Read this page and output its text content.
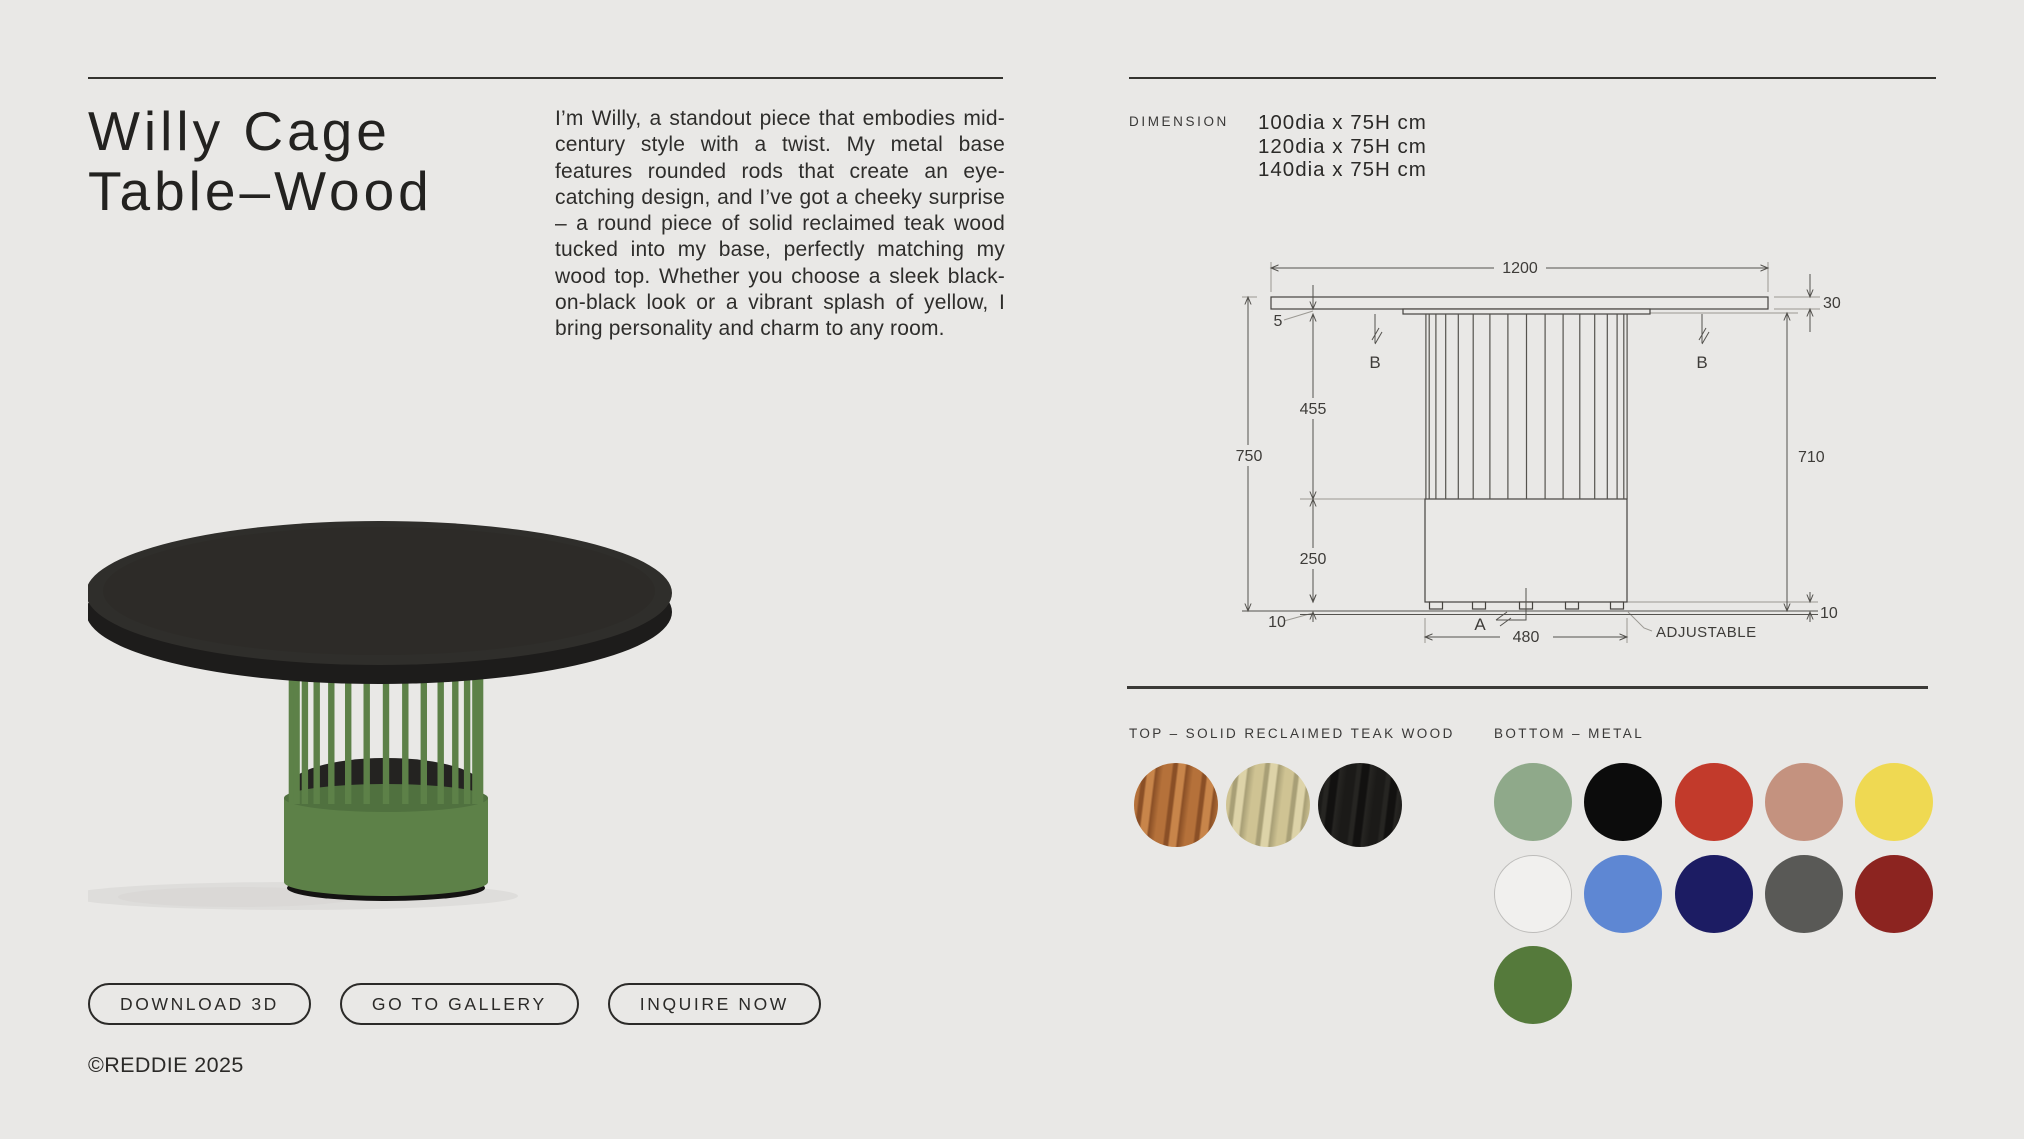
Willy Cage
Table–Wood
I’m Willy, a standout piece that embodies mid-century style with a twist. My metal base features rounded rods that create an eye-catching design, and I’ve got a cheeky surprise – a round piece of solid reclaimed teak wood tucked into my base, perfectly matching my wood top. Whether you choose a sleek black-on-black look or a vibrant splash of yellow, I bring personality and charm to any room.
DOWNLOAD 3D	GO TO GALLERY	INQUIRE NOW
©REDDIE 2025
DIMENSION 100dia x 75H cm
120dia x 75H cm
140dia x 75H cm
1200
30
5
455
750
250
710
10
10
480
B	B
A	ADJUSTABLE
TOP – SOLID RECLAIMED TEAK WOOD	BOTTOM – METAL
